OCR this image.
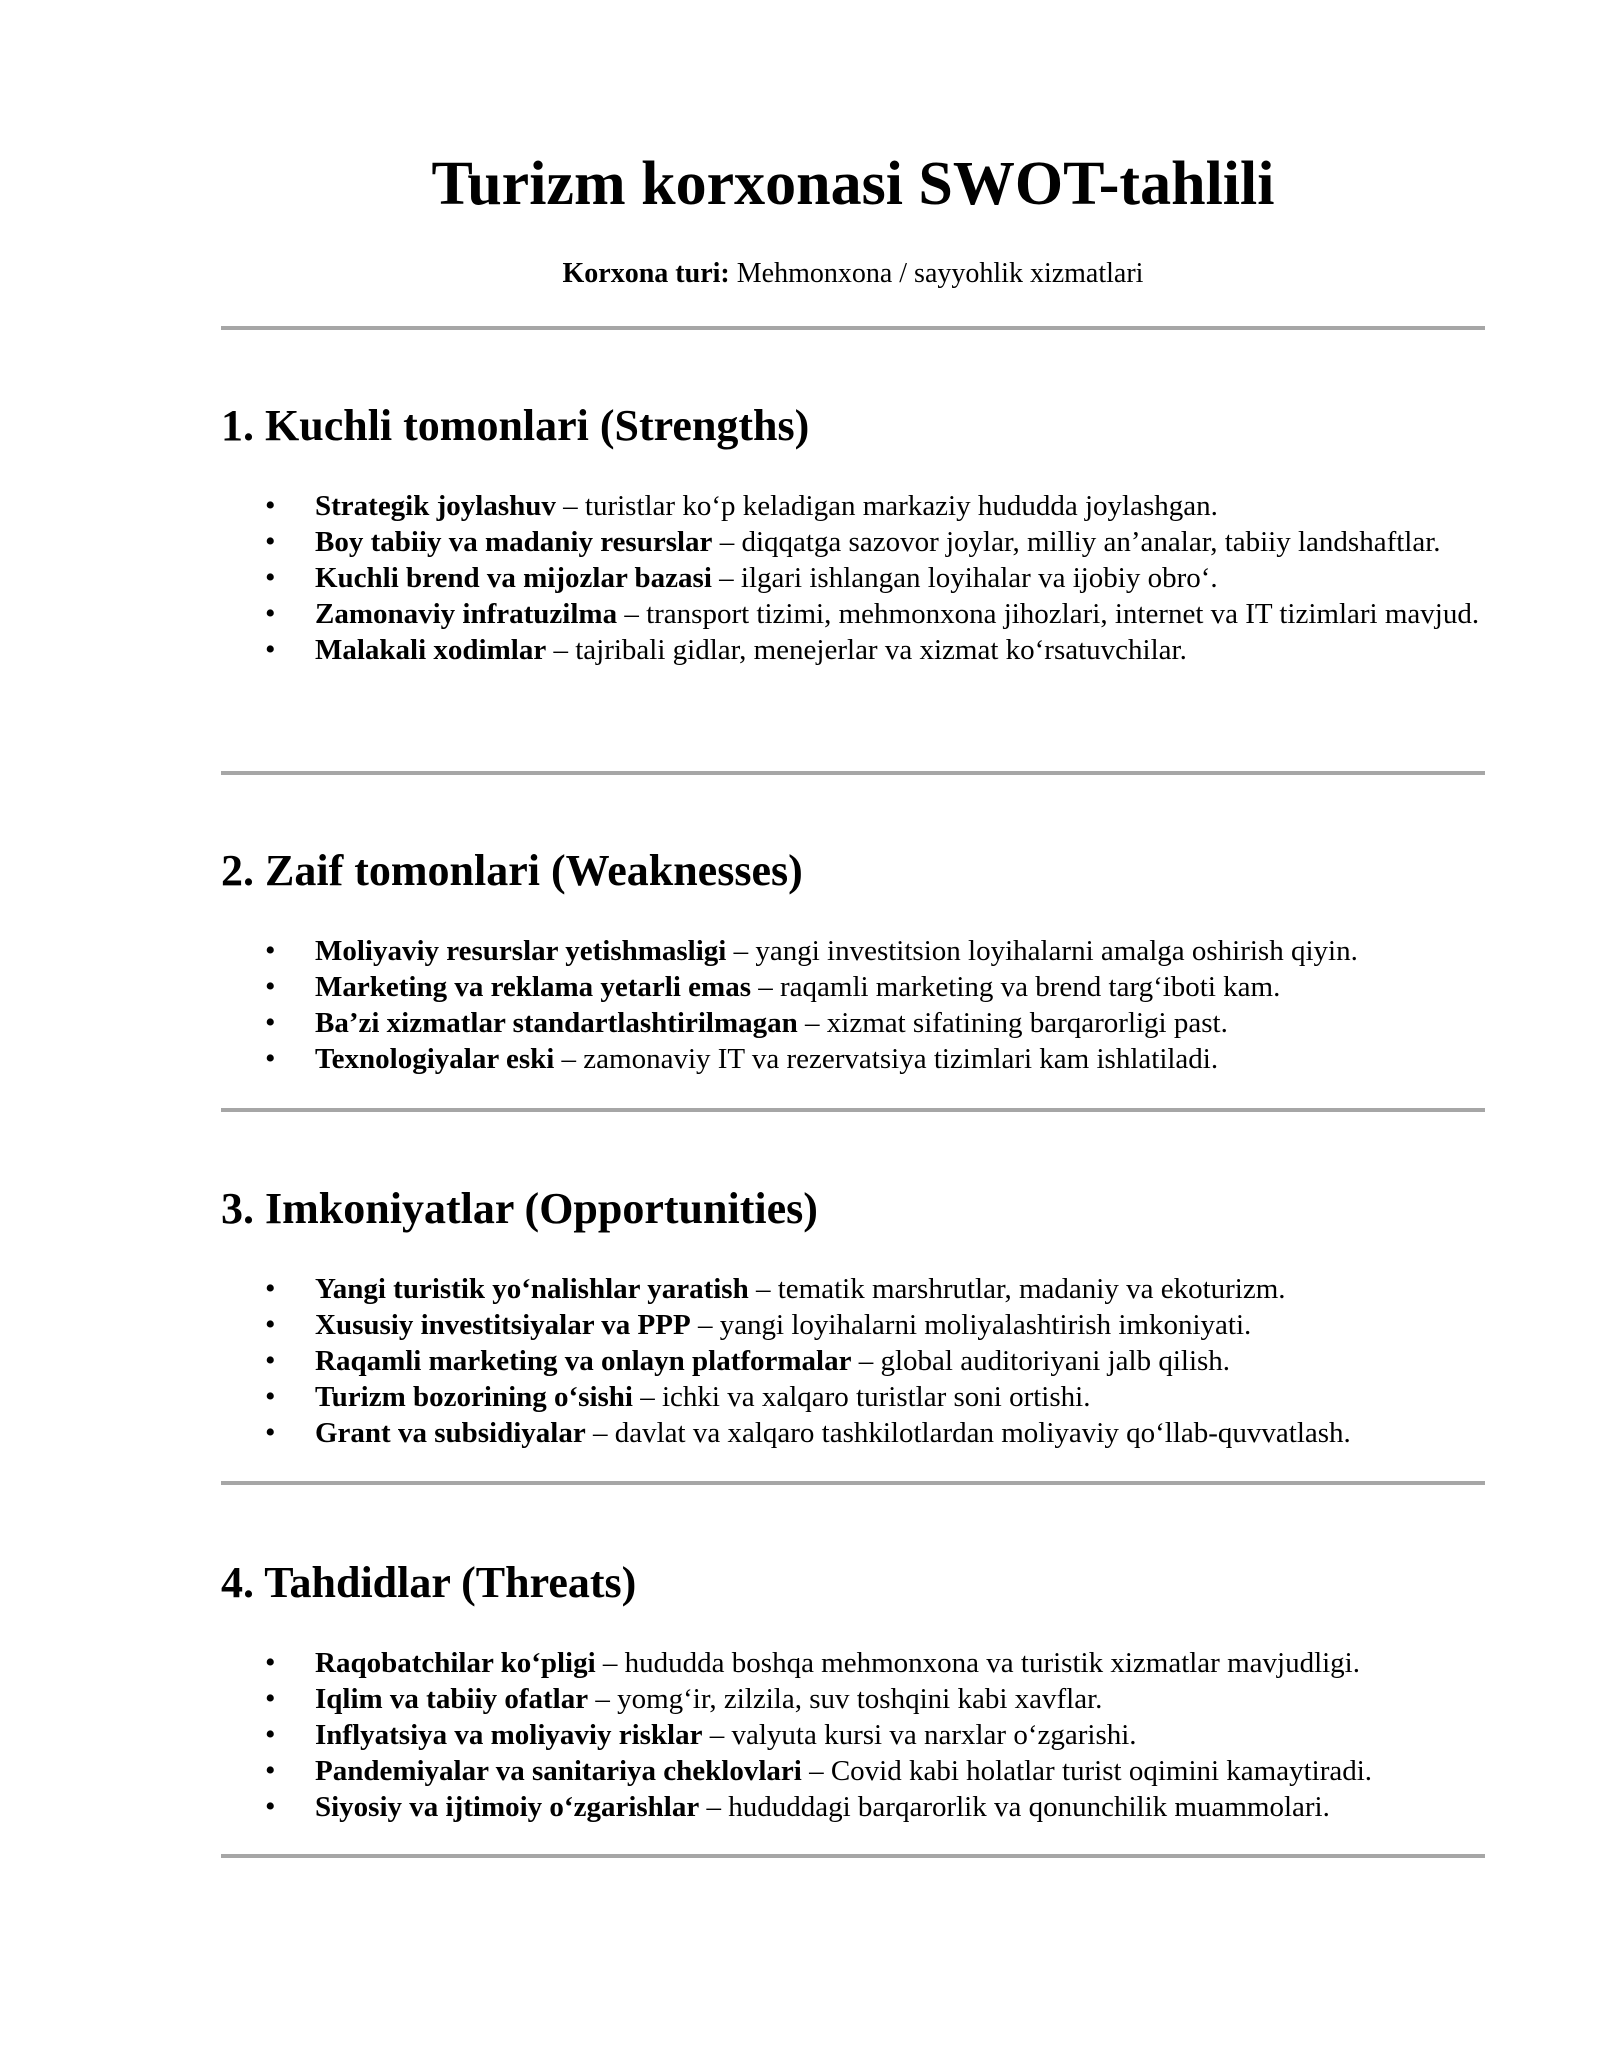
Turizm korxonasi SWOT-tahlili
Korxona turi: Mehmonxona / sayyohlik xizmatlari
1. Kuchli tomonlari (Strengths)
• Strategik joylashuv – turistlar ko‘p keladigan markaziy hududda joylashgan.
• Boy tabiiy va madaniy resurslar – diqqatga sazovor joylar, milliy an’analar, tabiiy landshaftlar.
• Kuchli brend va mijozlar bazasi – ilgari ishlangan loyihalar va ijobiy obro‘.
• Zamonaviy infratuzilma – transport tizimi, mehmonxona jihozlari, internet va IT tizimlari mavjud.
• Malakali xodimlar – tajribali gidlar, menejerlar va xizmat ko‘rsatuvchilar.
2. Zaif tomonlari (Weaknesses)
• Moliyaviy resurslar yetishmasligi – yangi investitsion loyihalarni amalga oshirish qiyin.
• Marketing va reklama yetarli emas – raqamli marketing va brend targ‘iboti kam.
• Ba’zi xizmatlar standartlashtirilmagan – xizmat sifatining barqarorligi past.
• Texnologiyalar eski – zamonaviy IT va rezervatsiya tizimlari kam ishlatiladi.
3. Imkoniyatlar (Opportunities)
• Yangi turistik yo‘nalishlar yaratish – tematik marshrutlar, madaniy va ekoturizm.
• Xususiy investitsiyalar va PPP – yangi loyihalarni moliyalashtirish imkoniyati.
• Raqamli marketing va onlayn platformalar – global auditoriyani jalb qilish.
• Turizm bozorining o‘sishi – ichki va xalqaro turistlar soni ortishi.
• Grant va subsidiyalar – davlat va xalqaro tashkilotlardan moliyaviy qo‘llab-quvvatlash.
4. Tahdidlar (Threats)
• Raqobatchilar ko‘pligi – hududda boshqa mehmonxona va turistik xizmatlar mavjudligi.
• Iqlim va tabiiy ofatlar – yomg‘ir, zilzila, suv toshqini kabi xavflar.
• Inflyatsiya va moliyaviy risklar – valyuta kursi va narxlar o‘zgarishi.
• Pandemiyalar va sanitariya cheklovlari – Covid kabi holatlar turist oqimini kamaytiradi.
• Siyosiy va ijtimoiy o‘zgarishlar – hududdagi barqarorlik va qonunchilik muammolari.
